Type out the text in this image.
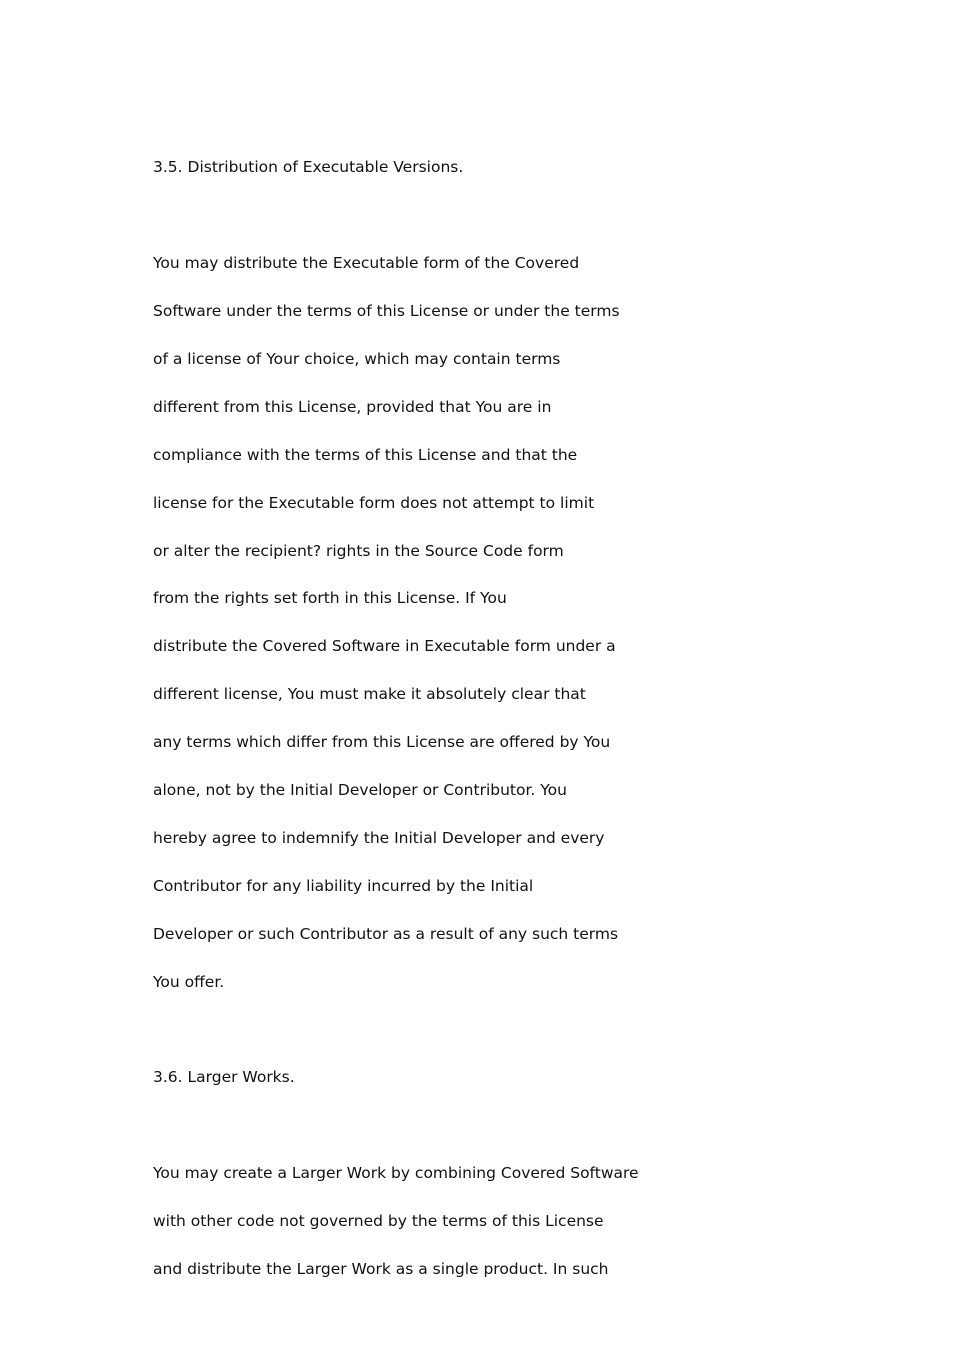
3.5. Distribution of Executable Versions.

You may distribute the Executable form of the Covered

Software under the terms of this License or under the terms

of a license of Your choice, which may contain terms

different from this License, provided that You are in

compliance with the terms of this License and that the

license for the Executable form does not attempt to limit

or alter the recipient? rights in the Source Code form

from the rights set forth in this License. If You

distribute the Covered Software in Executable form under a

different license, You must make it absolutely clear that

any terms which differ from this License are offered by You

alone, not by the Initial Developer or Contributor. You

hereby agree to indemnify the Initial Developer and every

Contributor for any liability incurred by the Initial

Developer or such Contributor as a result of any such terms

You offer.

3.6. Larger Works.

You may create a Larger Work by combining Covered Software

with other code not governed by the terms of this License

and distribute the Larger Work as a single product. In such
